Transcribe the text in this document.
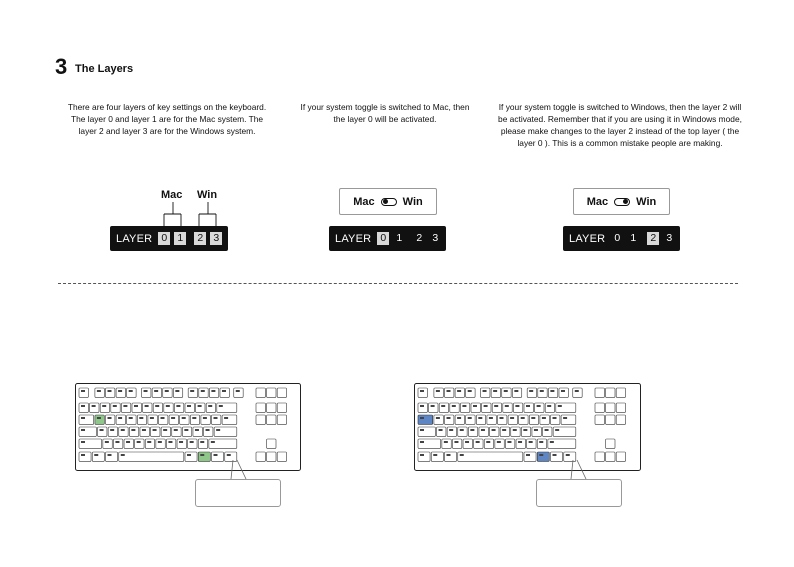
3 The Layers
There are four layers of key settings on the keyboard. The layer 0 and layer 1 are for the Mac system. The layer 2 and layer 3 are for the Windows system.
If your system toggle is switched to Mac, then the layer 0 will be activated.
If your system toggle is switched to Windows, then the layer 2 will be activated. Remember that if you are using it in Windows mode, please make changes to the layer 2 instead of the top layer ( the layer 0 ). This is a common mistake people are making.
Mac Win
LAYER 0 1 2 3
Mac	Win
LAYER 0 1 2 3
Mac	Win
LAYER 0 1 2 3
